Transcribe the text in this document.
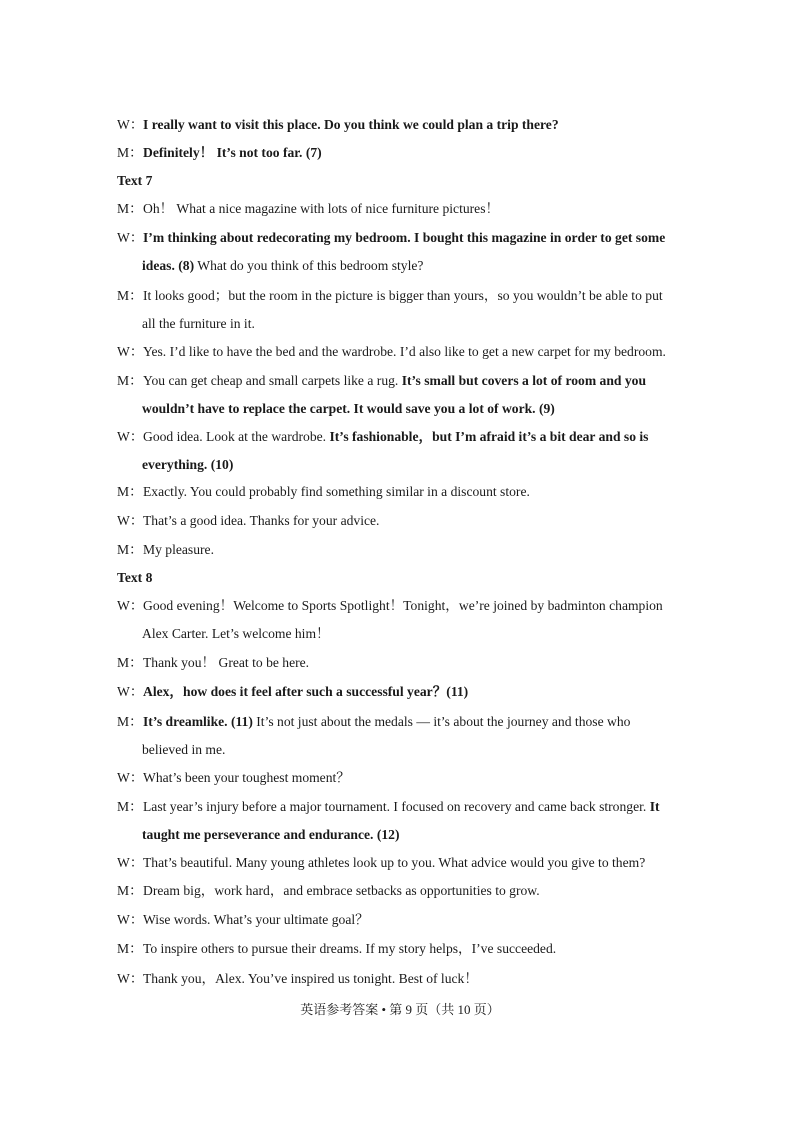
W：I really want to visit this place. Do you think we could plan a trip there?
M：Definitely！ It’s not too far. (7)
Text 7
M：Oh！ What a nice magazine with lots of nice furniture pictures！
W：I’m thinking about redecorating my bedroom. I bought this magazine in order to get some
ideas. (8) What do you think of this bedroom style?
M：It looks good；but the room in the picture is bigger than yours，so you wouldn’t be able to put
all the furniture in it.
W：Yes. I’d like to have the bed and the wardrobe. I’d also like to get a new carpet for my bedroom.
M：You can get cheap and small carpets like a rug. It’s small but covers a lot of room and you
wouldn’t have to replace the carpet. It would save you a lot of work. (9)
W：Good idea. Look at the wardrobe. It’s fashionable，but I’m afraid it’s a bit dear and so is
everything. (10)
M：Exactly. You could probably find something similar in a discount store.
W：That’s a good idea. Thanks for your advice.
M：My pleasure.
Text 8
W：Good evening！Welcome to Sports Spotlight！Tonight，we’re joined by badminton champion
Alex Carter. Let’s welcome him！
M：Thank you！ Great to be here.
W：Alex，how does it feel after such a successful year？(11)
M：It’s dreamlike. (11) It’s not just about the medals — it’s about the journey and those who
believed in me.
W：What’s been your toughest moment？
M：Last year’s injury before a major tournament. I focused on recovery and came back stronger. It
taught me perseverance and endurance. (12)
W：That’s beautiful. Many young athletes look up to you. What advice would you give to them?
M：Dream big，work hard，and embrace setbacks as opportunities to grow.
W：Wise words. What’s your ultimate goal？
M：To inspire others to pursue their dreams. If my story helps，I’ve succeeded.
W：Thank you，Alex. You’ve inspired us tonight. Best of luck！
英语参考答案 • 第 9 页（共 10 页）
